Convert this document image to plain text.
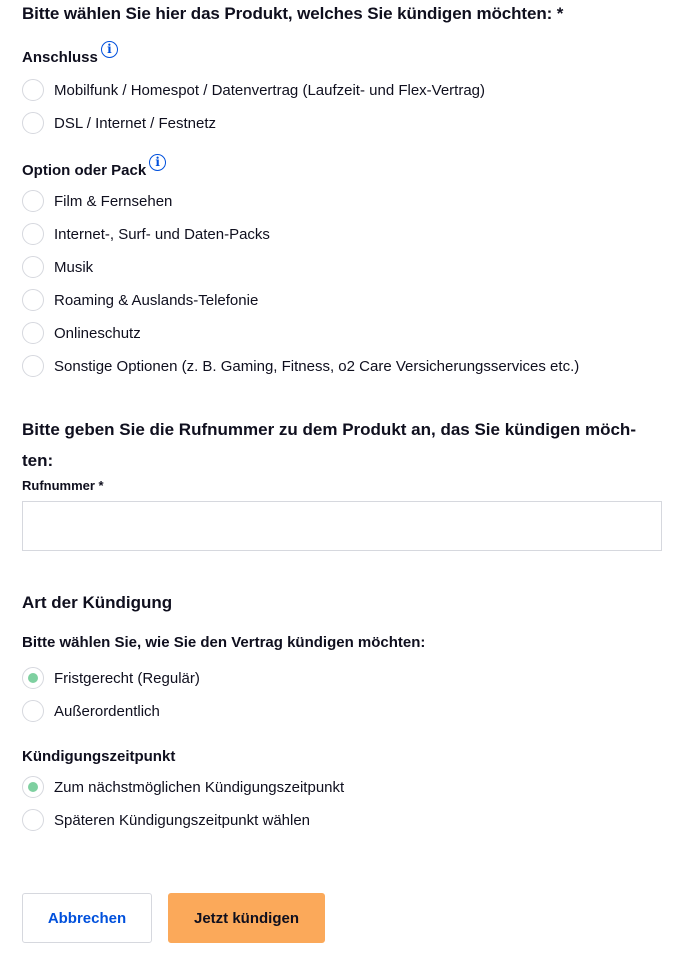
Bitte wählen Sie hier das Produkt, welches Sie kündigen möchten: *
Anschluss i
Mobilfunk / Homespot / Datenvertrag (Laufzeit- und Flex-Vertrag)
DSL / Internet / Festnetz
Option oder Pack i
Film & Fernsehen
Internet-, Surf- und Daten-Packs
Musik
Roaming & Auslands-Telefonie
Onlineschutz
Sonstige Optionen (z. B. Gaming, Fitness, o2 Care Versicherungsservices etc.)
Bitte geben Sie die Rufnummer zu dem Produkt an, das Sie kündigen möch-ten:
Rufnummer *
Art der Kündigung
Bitte wählen Sie, wie Sie den Vertrag kündigen möchten:
Fristgerecht (Regulär)
Außerordentlich
Kündigungszeitpunkt
Zum nächstmöglichen Kündigungszeitpunkt
Späteren Kündigungszeitpunkt wählen
Abbrechen	Jetzt kündigen
